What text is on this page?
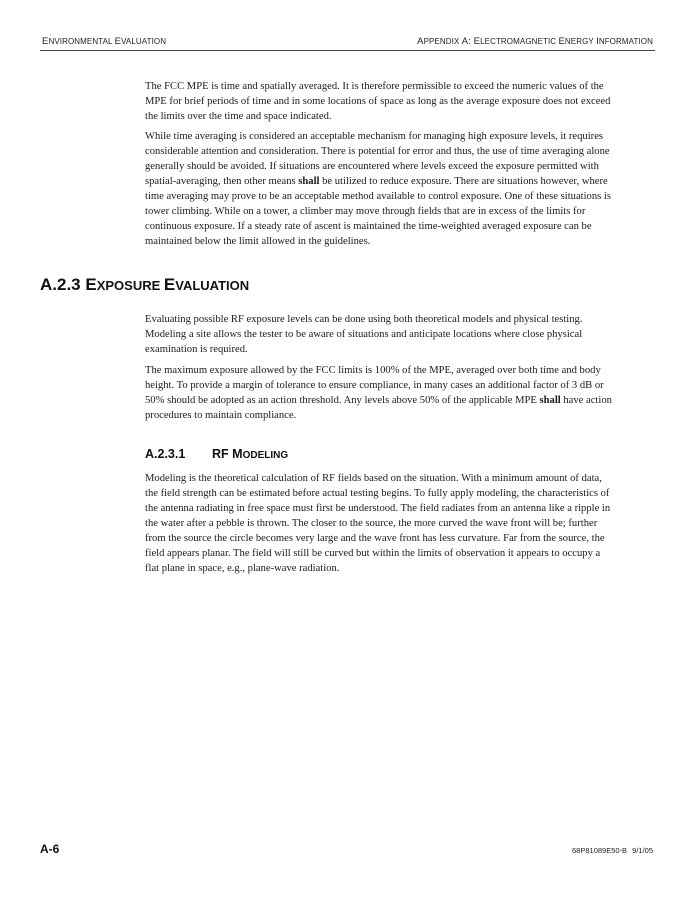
ENVIRONMENTAL EVALUATION	APPENDIX A: ELECTROMAGNETIC ENERGY INFORMATION

The FCC MPE is time and spatially averaged. It is therefore permissible to exceed the numeric values of the MPE for brief periods of time and in some locations of space as long as the average exposure does not exceed the limits over the time and space indicated.

While time averaging is considered an acceptable mechanism for managing high exposure levels, it requires considerable attention and consideration. There is potential for error and thus, the use of time averaging alone generally should be avoided. If situations are encountered where levels exceed the exposure permitted with spatial-averaging, then other means shall be utilized to reduce exposure. There are situations however, where time averaging may prove to be an acceptable method available to control exposure. One of these situations is tower climbing. While on a tower, a climber may move through fields that are in excess of the limits for continuous exposure. If a steady rate of ascent is maintained the time-weighted averaged exposure can be maintained below the limit allowed in the guidelines.

A.2.3 EXPOSURE EVALUATION

Evaluating possible RF exposure levels can be done using both theoretical models and physical testing. Modeling a site allows the tester to be aware of situations and anticipate locations where close physical examination is required.

The maximum exposure allowed by the FCC limits is 100% of the MPE, averaged over both time and body height. To provide a margin of tolerance to ensure compliance, in many cases an additional factor of 3 dB or 50% should be adopted as an action threshold. Any levels above 50% of the applicable MPE shall have action procedures to maintain compliance.

A.2.3.1 RF MODELING

Modeling is the theoretical calculation of RF fields based on the situation. With a minimum amount of data, the field strength can be estimated before actual testing begins. To fully apply modeling, the characteristics of the antenna radiating in free space must first be understood. The field radiates from an antenna like a ripple in the water after a pebble is thrown. The closer to the source, the more curved the wave front will be; further from the source the circle becomes very large and the wave front has less curvature. Far from the source, the field appears planar. The field will still be curved but within the limits of observation it appears to occupy a flat plane in space, e.g., plane-wave radiation.

A-6	68P81089E50-B 9/1/05
